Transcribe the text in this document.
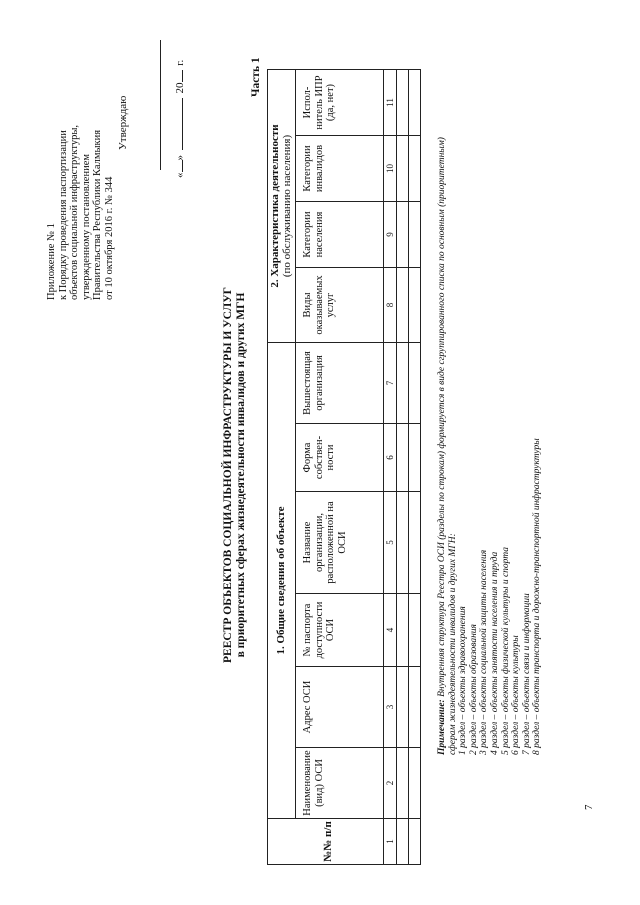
Приложение № 1 к Порядку проведения паспортизации объектов социальной инфраструктуры, утвержденному постановлением Правительства Республики Калмыкия от 10 октября 2016 г. № 344
Утверждаю
«»  20 г.
РЕЕСТР ОБЪЕКТОВ СОЦИАЛЬНОЙ ИНФРАСТРУКТУРЫ И УСЛУГ в приоритетных сферах жизнедеятельности инвалидов и других МГН
Часть 1
№№ п/п	1. Общие сведения об объекте						2. Характеристика деятельности (по обслуживанию населения)			

	Наименование (вид) ОСИ	Адрес ОСИ	№ паспорта доступности ОСИ	Название организации, расположенной на ОСИ	Форма собствен-ности	Вышестоящая организация	Виды оказываемых услуг	Категории населения	Категории инвалидов	Испол-нитель ИПР (да, нет)
1	2	3	4	5	6	7	8	9	10	11

Примечание: Внутренняя структура Реестра ОСИ (разделы по строкам) формируется в виде сгруппированного списка по основным (приоритетным) сферам жизнедеятельности инвалидов и других МГН: 1 раздел – объекты здравоохранения 2 раздел – объекты образования 3 раздел – объекты социальной защиты населения 4 раздел – объекты занятости населения и труда 5 раздел – объекты физической культуры и спорта 6 раздел – объекты культуры 7 раздел – объекты связи и информации 8 раздел – объекты транспорта и дорожно-транспортной инфраструктуры
7
